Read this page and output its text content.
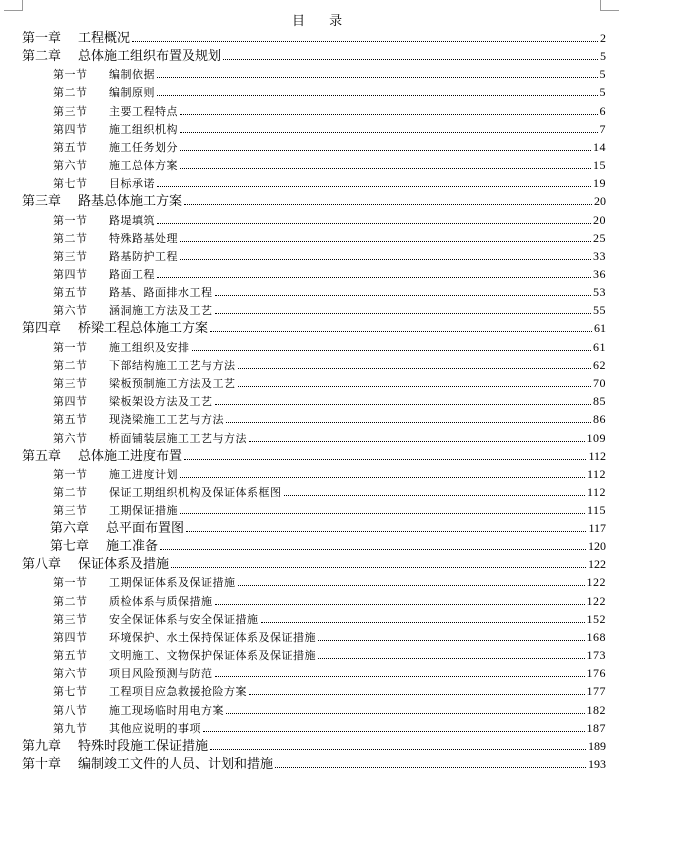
目 录
第一章	工程概况	2
第二章	总体施工组织布置及规划	5
第一节	编制依据	5
第二节	编制原则	5
第三节	主要工程特点	6
第四节	施工组织机构	7
第五节	施工任务划分	14
第六节	施工总体方案	15
第七节	目标承诺	19
第三章	路基总体施工方案	20
第一节	路堤填筑	20
第二节	特殊路基处理	25
第三节	路基防护工程	33
第四节	路面工程	36
第五节	路基、路面排水工程	53
第六节	涵洞施工方法及工艺	55
第四章	桥梁工程总体施工方案	61
第一节	施工组织及安排	61
第二节	下部结构施工工艺与方法	62
第三节	梁板预制施工方法及工艺	70
第四节	梁板架设方法及工艺	85
第五节	现浇梁施工工艺与方法	86
第六节	桥面铺装层施工工艺与方法	109
第五章	总体施工进度布置	112
第一节	施工进度计划	112
第二节	保证工期组织机构及保证体系框图	112
第三节	工期保证措施	115
第六章	总平面布置图	117
第七章	施工准备	120
第八章	保证体系及措施	122
第一节	工期保证体系及保证措施	122
第二节	质检体系与质保措施	122
第三节	安全保证体系与安全保证措施	152
第四节	环境保护、水土保持保证体系及保证措施	168
第五节	文明施工、文物保护保证体系及保证措施	173
第六节	项目风险预测与防范	176
第七节	工程项目应急救援抢险方案	177
第八节	施工现场临时用电方案	182
第九节	其他应说明的事项	187
第九章	特殊时段施工保证措施	189
第十章	编制竣工文件的人员、计划和措施	193
